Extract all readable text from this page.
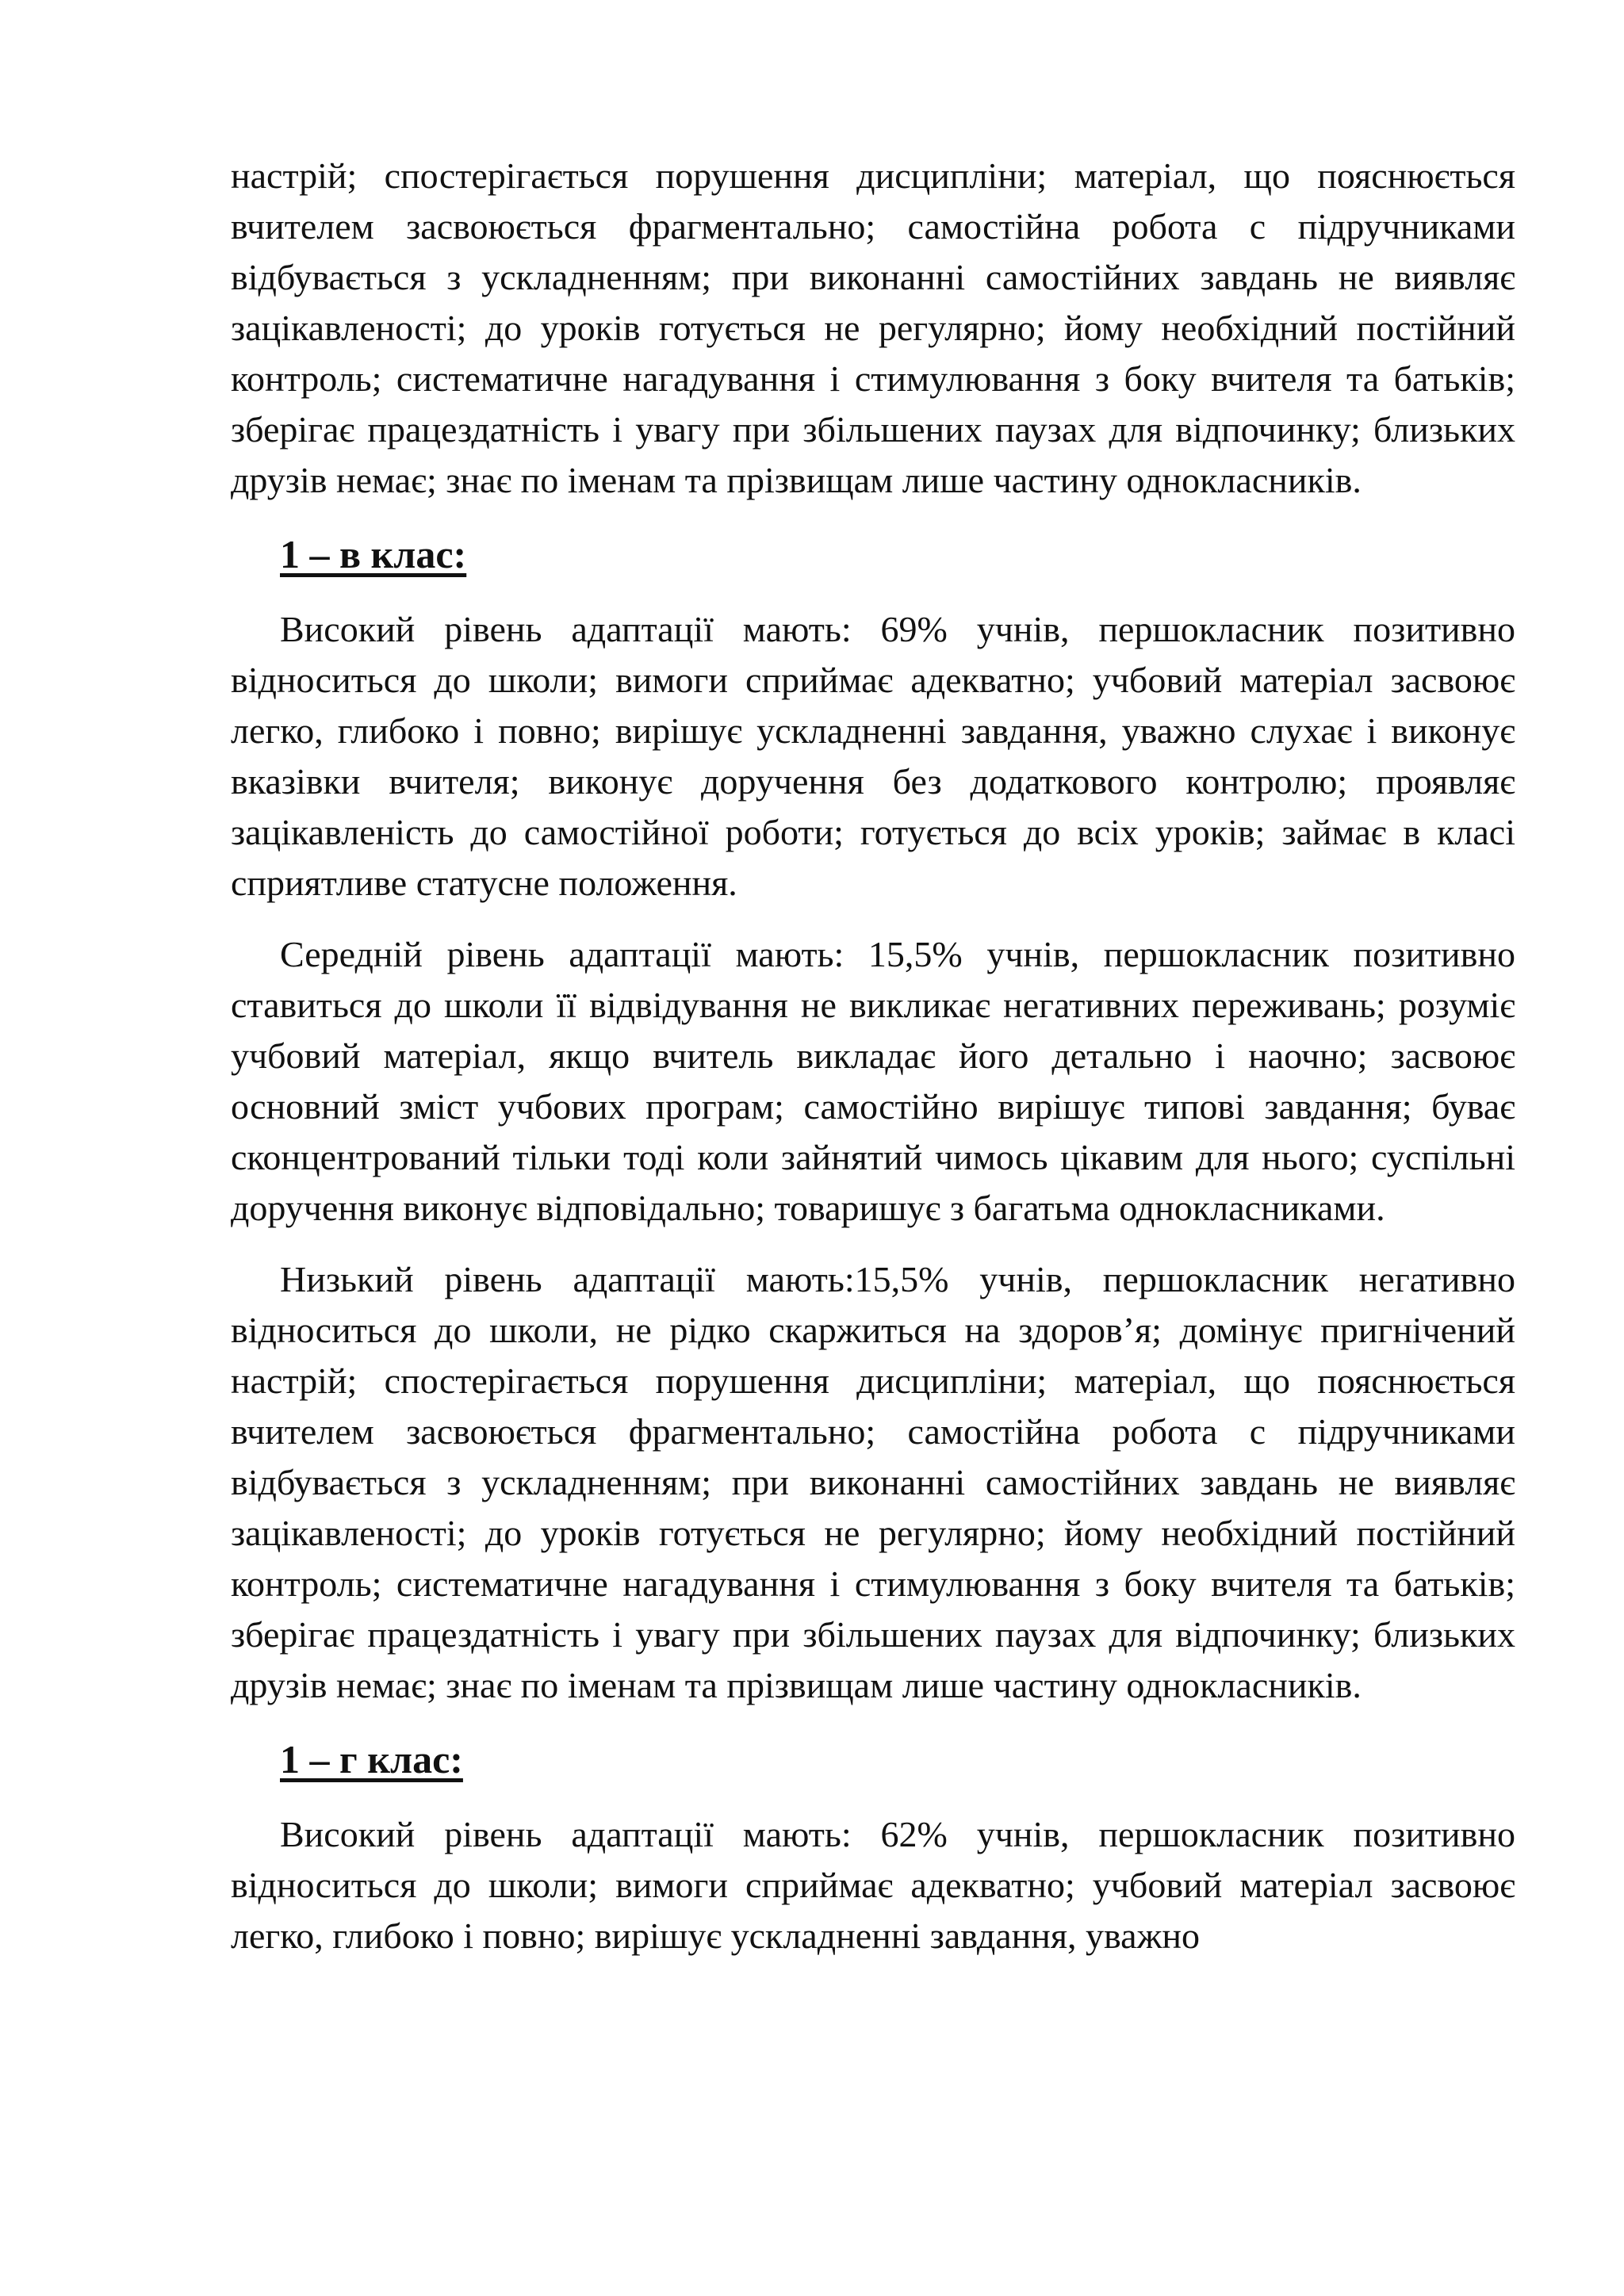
настрій; спостерігається порушення дисципліни; матеріал, що пояснюється вчителем засвоюється фрагментально; самостійна робота с підручниками відбувається з ускладненням; при виконанні самостійних завдань не виявляє зацікавленості; до уроків готується не регулярно; йому необхідний постійний контроль; систематичне нагадування і стимулювання з боку вчителя та батьків; зберігає працездатність і увагу при збільшених паузах для відпочинку; близьких друзів немає; знає по іменам та прізвищам лише частину однокласників.

1 – в клас:

Високий рівень адаптації мають: 69% учнів, першокласник позитивно відноситься до школи; вимоги сприймає адекватно; учбовий матеріал засвоює легко, глибоко і повно; вирішує ускладненні завдання, уважно слухає і виконує вказівки вчителя; виконує доручення без додаткового контролю; проявляє зацікавленість до самостійної роботи; готується до всіх уроків; займає в класі сприятливе статусне положення.

Середній рівень адаптації мають: 15,5% учнів, першокласник позитивно ставиться до школи її відвідування не викликає негативних переживань; розуміє учбовий матеріал, якщо вчитель викладає його детально і наочно; засвоює основний зміст учбових програм; самостійно вирішує типові завдання; буває сконцентрований тільки тоді коли зайнятий чимось цікавим для нього; суспільні доручення виконує відповідально; товаришує з багатьма однокласниками.

Низький рівень адаптації мають:15,5% учнів, першокласник негативно відноситься до школи, не рідко скаржиться на здоров’я; домінує пригнічений настрій; спостерігається порушення дисципліни; матеріал, що пояснюється вчителем засвоюється фрагментально; самостійна робота с підручниками відбувається з ускладненням; при виконанні самостійних завдань не виявляє зацікавленості; до уроків готується не регулярно; йому необхідний постійний контроль; систематичне нагадування і стимулювання з боку вчителя та батьків; зберігає працездатність і увагу при збільшених паузах для відпочинку; близьких друзів немає; знає по іменам та прізвищам лише частину однокласників.

1 – г клас:

Високий рівень адаптації мають: 62% учнів, першокласник позитивно відноситься до школи; вимоги сприймає адекватно; учбовий матеріал засвоює легко, глибоко і повно; вирішує ускладненні завдання, уважно
